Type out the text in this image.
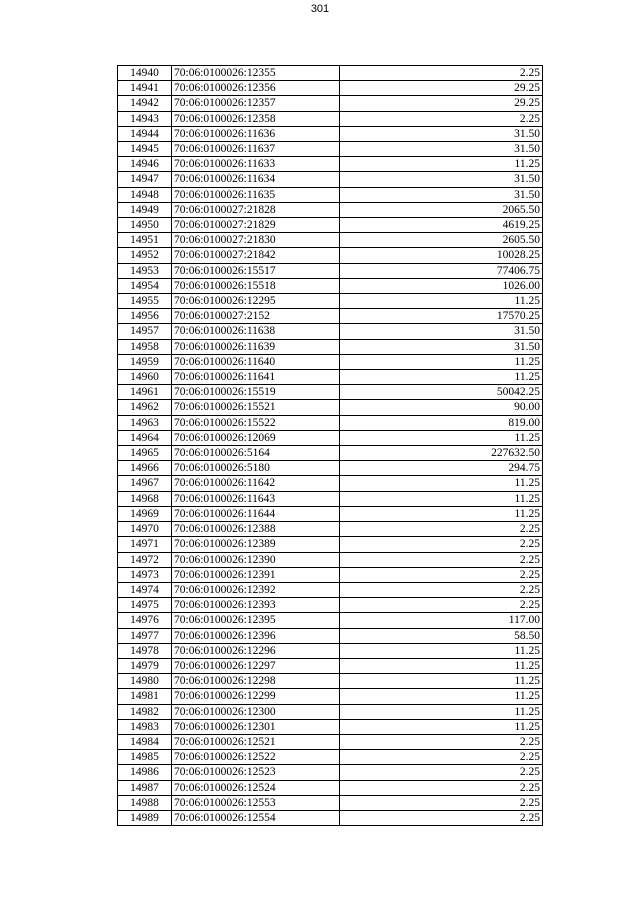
301
14940	70:06:0100026:12355	2.25
14941	70:06:0100026:12356	29.25
14942	70:06:0100026:12357	29.25
14943	70:06:0100026:12358	2.25
14944	70:06:0100026:11636	31.50
14945	70:06:0100026:11637	31.50
14946	70:06:0100026:11633	11.25
14947	70:06:0100026:11634	31.50
14948	70:06:0100026:11635	31.50
14949	70:06:0100027:21828	2065.50
14950	70:06:0100027:21829	4619.25
14951	70:06:0100027:21830	2605.50
14952	70:06:0100027:21842	10028.25
14953	70:06:0100026:15517	77406.75
14954	70:06:0100026:15518	1026.00
14955	70:06:0100026:12295	11.25
14956	70:06:0100027:2152	17570.25
14957	70:06:0100026:11638	31.50
14958	70:06:0100026:11639	31.50
14959	70:06:0100026:11640	11.25
14960	70:06:0100026:11641	11.25
14961	70:06:0100026:15519	50042.25
14962	70:06:0100026:15521	90.00
14963	70:06:0100026:15522	819.00
14964	70:06:0100026:12069	11.25
14965	70:06:0100026:5164	227632.50
14966	70:06:0100026:5180	294.75
14967	70:06:0100026:11642	11.25
14968	70:06:0100026:11643	11.25
14969	70:06:0100026:11644	11.25
14970	70:06:0100026:12388	2.25
14971	70:06:0100026:12389	2.25
14972	70:06:0100026:12390	2.25
14973	70:06:0100026:12391	2.25
14974	70:06:0100026:12392	2.25
14975	70:06:0100026:12393	2.25
14976	70:06:0100026:12395	117.00
14977	70:06:0100026:12396	58.50
14978	70:06:0100026:12296	11.25
14979	70:06:0100026:12297	11.25
14980	70:06:0100026:12298	11.25
14981	70:06:0100026:12299	11.25
14982	70:06:0100026:12300	11.25
14983	70:06:0100026:12301	11.25
14984	70:06:0100026:12521	2.25
14985	70:06:0100026:12522	2.25
14986	70:06:0100026:12523	2.25
14987	70:06:0100026:12524	2.25
14988	70:06:0100026:12553	2.25
14989	70:06:0100026:12554	2.25
